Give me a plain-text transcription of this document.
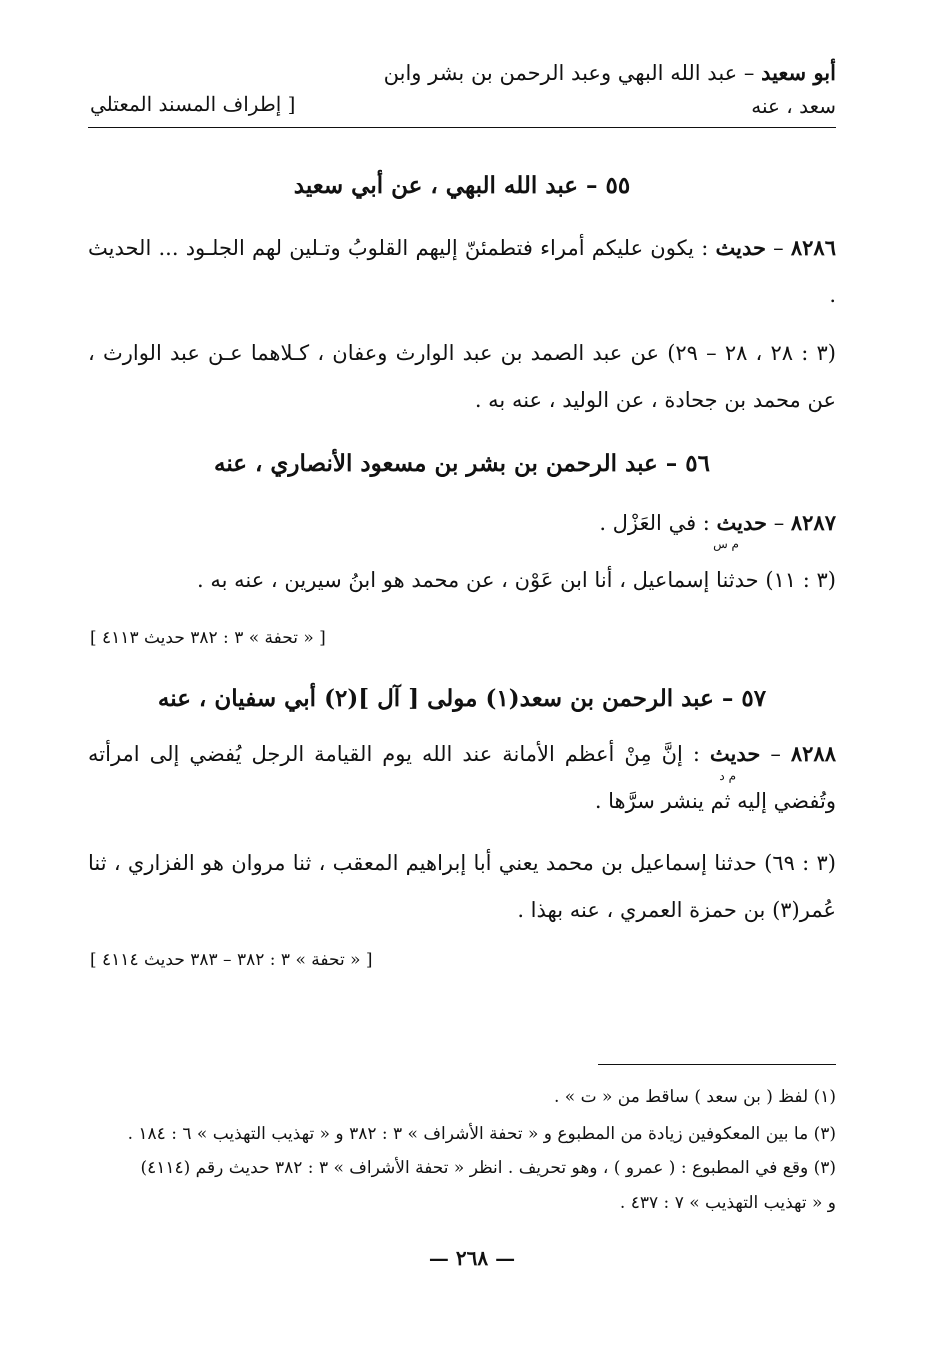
أبو سعيد – عبد الله البهي وعبد الرحمن بن بشر وابن
سعد ، عنه
[ إطراف المسند المعتلي
٥٥ – عبد الله البهي ، عن أبي سعيد
٨٢٨٦ – حديث : يكون عليكم أمراء فتطمئنّ إليهم القلوبُ وتـلين لهم الجلـود ... الحديث .
(٣ : ٢٨ ، ٢٨ – ٢٩) عن عبد الصمد بن عبد الوارث وعفان ، كـلاهما عـن عبد الوارث ، عن محمد بن جحادة ، عن الوليد ، عنه به .
٥٦ – عبد الرحمن بن بشر بن مسعود الأنصاري ، عنه
٨٢٨٧ – حديث : في العَزْل .
م س
(٣ : ١١) حدثنا إسماعيل ، أنا ابن عَوْن ، عن محمد هو ابنُ سيرين ، عنه به .
[ « تحفة » ٣ : ٣٨٢ حديث ٤١١٣ ]
٥٧ – عبد الرحمن بن سعد(١) مولى [ آل ](٢) أبي سفيان ، عنه
٨٢٨٨ – حديث : إنَّ مِنْ أعظم الأمانة عند الله يوم القيامة الرجل يُفضي إلى امرأته وتُفضي إليه ثم ينشر سرَّها .
م د
(٣ : ٦٩) حدثنا إسماعيل بن محمد يعني أبا إبراهيم المعقب ، ثنا مروان هو الفزاري ، ثنا عُمر(٣) بن حمزة العمري ، عنه بهذا .
[ « تحفة » ٣ : ٣٨٢ – ٣٨٣ حديث ٤١١٤ ]
(١) لفظ ( بن سعد ) ساقط من « ت » .
(٣) ما بين المعكوفين زيادة من المطبوع و « تحفة الأشراف » ٣ : ٣٨٢ و « تهذيب التهذيب » ٦ : ١٨٤ .
(٣) وقع في المطبوع : ( عمرو ) ، وهو تحريف . انظر « تحفة الأشراف » ٣ : ٣٨٢ حديث رقم (٤١١٤)
و « تهذيب التهذيب » ٧ : ٤٣٧ .
— ٢٦٨ —
